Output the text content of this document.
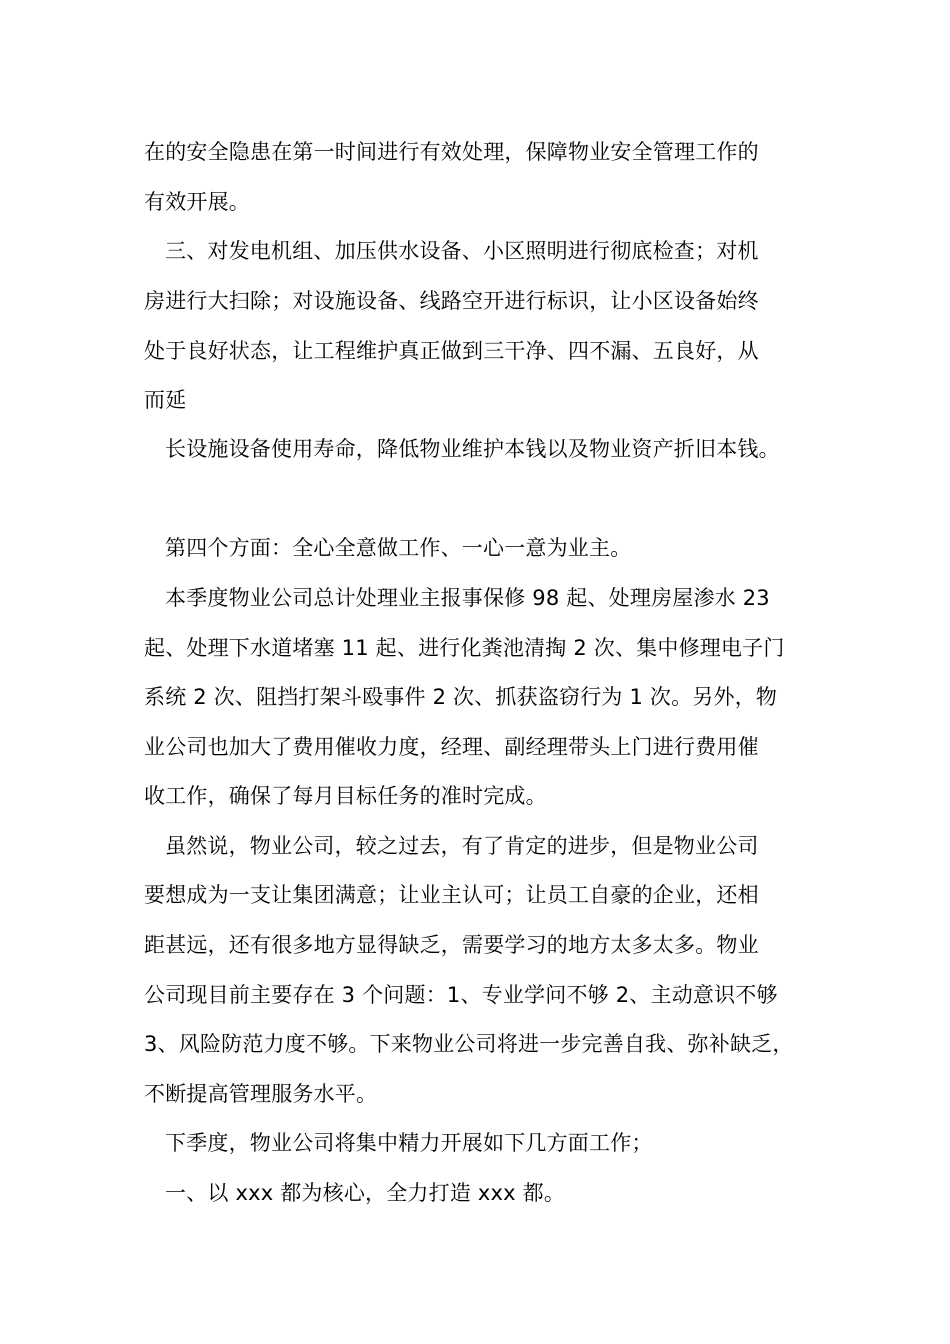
在的安全隐患在第一时间进行有效处理，保障物业安全管理工作的

有效开展。

三、对发电机组、加压供水设备、小区照明进行彻底检查；对机

房进行大扫除；对设施设备、线路空开进行标识，让小区设备始终

处于良好状态，让工程维护真正做到三干净、四不漏、五良好，从

而延

长设施设备使用寿命，降低物业维护本钱以及物业资产折旧本钱。

第四个方面：全心全意做工作、一心一意为业主。

本季度物业公司总计处理业主报事保修 98 起、处理房屋渗水 23

起、处理下水道堵塞 11 起、进行化粪池清掏 2 次、集中修理电子门

系统 2 次、阻挡打架斗殴事件 2 次、抓获盗窃行为 1 次。另外，物

业公司也加大了费用催收力度，经理、副经理带头上门进行费用催

收工作，确保了每月目标任务的准时完成。

虽然说，物业公司，较之过去，有了肯定的进步，但是物业公司

要想成为一支让集团满意；让业主认可；让员工自豪的企业，还相

距甚远，还有很多地方显得缺乏，需要学习的地方太多太多。物业

公司现目前主要存在 3 个问题：1、专业学问不够 2、主动意识不够

3、风险防范力度不够。下来物业公司将进一步完善自我、弥补缺乏，

不断提高管理服务水平。

下季度，物业公司将集中精力开展如下几方面工作；

一、以 xxx 都为核心，全力打造 xxx 都。
